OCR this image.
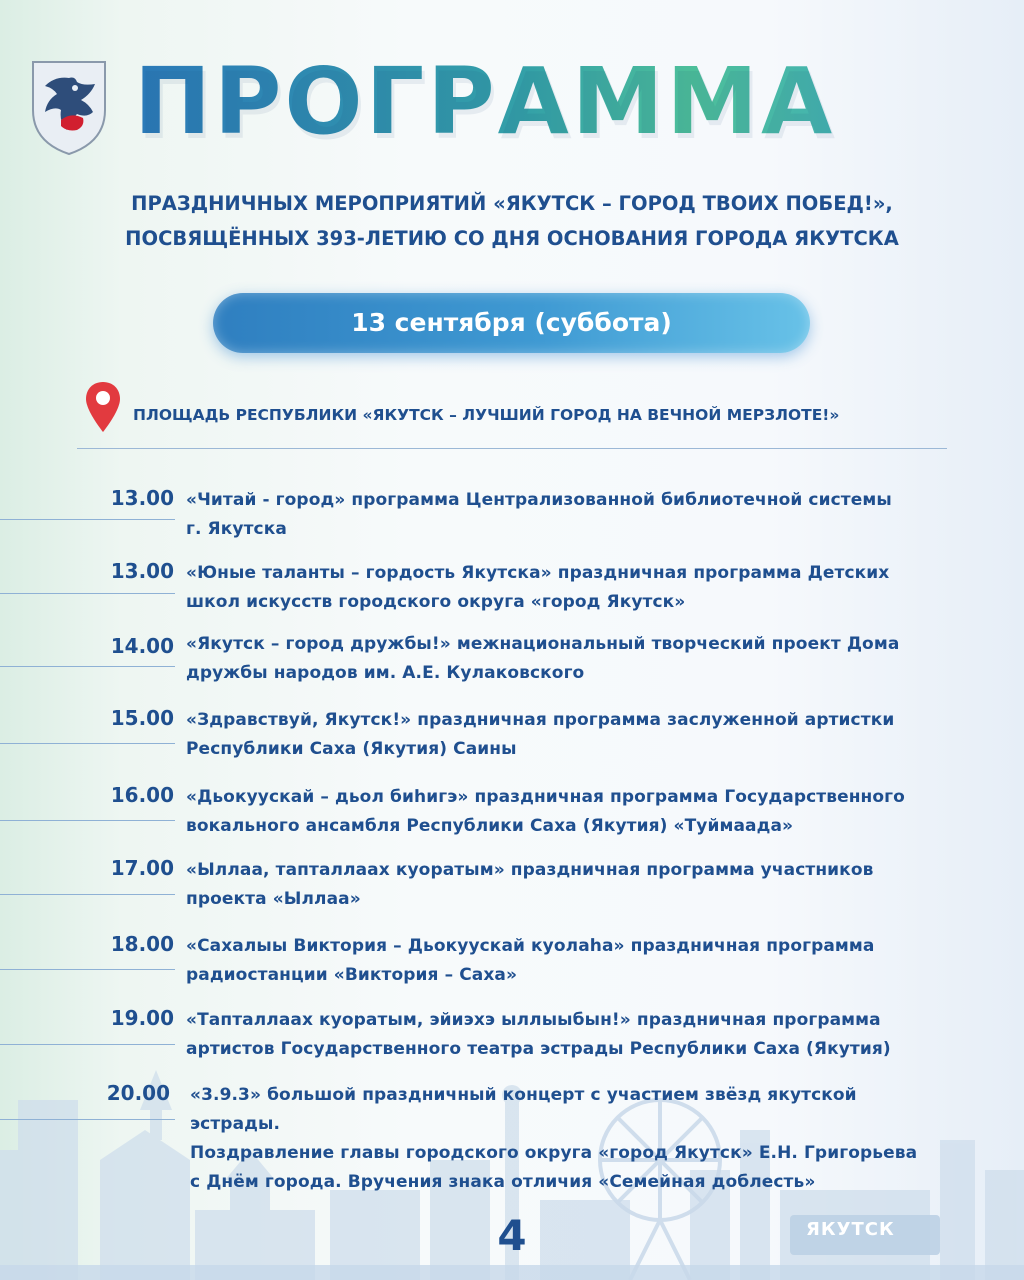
ПРОГРАММА
ПРАЗДНИЧНЫХ МЕРОПРИЯТИЙ «ЯКУТСК – ГОРОД ТВОИХ ПОБЕД!»,
ПОСВЯЩЁННЫХ 393-ЛЕТИЮ СО ДНЯ ОСНОВАНИЯ ГОРОДА ЯКУТСКА
13 сентября (суббота)
ПЛОЩАДЬ РЕСПУБЛИКИ «ЯКУТСК – ЛУЧШИЙ ГОРОД НА ВЕЧНОЙ МЕРЗЛОТЕ!»
13.00 «Читай - город» программа Централизованной библиотечной системы
г. Якутска
13.00 «Юные таланты – гордость Якутска» праздничная программа Детских
школ искусств городского округа «город Якутск»
14.00 «Якутск – город дружбы!» межнациональный творческий проект Дома
дружбы народов им. А.Е. Кулаковского
15.00 «Здравствуй, Якутск!» праздничная программа заслуженной артистки
Республики Саха (Якутия) Саины
16.00 «Дьокуускай – дьол биһигэ» праздничная программа Государственного
вокального ансамбля Республики Саха (Якутия) «Туймаада»
17.00 «Ыллаа, тапталлаах куоратым» праздничная программа участников
проекта «Ыллаа»
18.00 «Сахалыы Виктория – Дьокуускай куолаһа» праздничная программа
радиостанции «Виктория – Саха»
19.00 «Тапталлаах куоратым, эйиэхэ ыллыыбын!» праздничная программа
артистов Государственного театра эстрады Республики Саха (Якутия)
20.00 «3.9.3» большой праздничный концерт с участием звёзд якутской
эстрады.
Поздравление главы городского округа «город Якутск» Е.Н. Григорьева
с Днём города. Вручения знака отличия «Семейная доблесть»
4	ЯКУТСК
